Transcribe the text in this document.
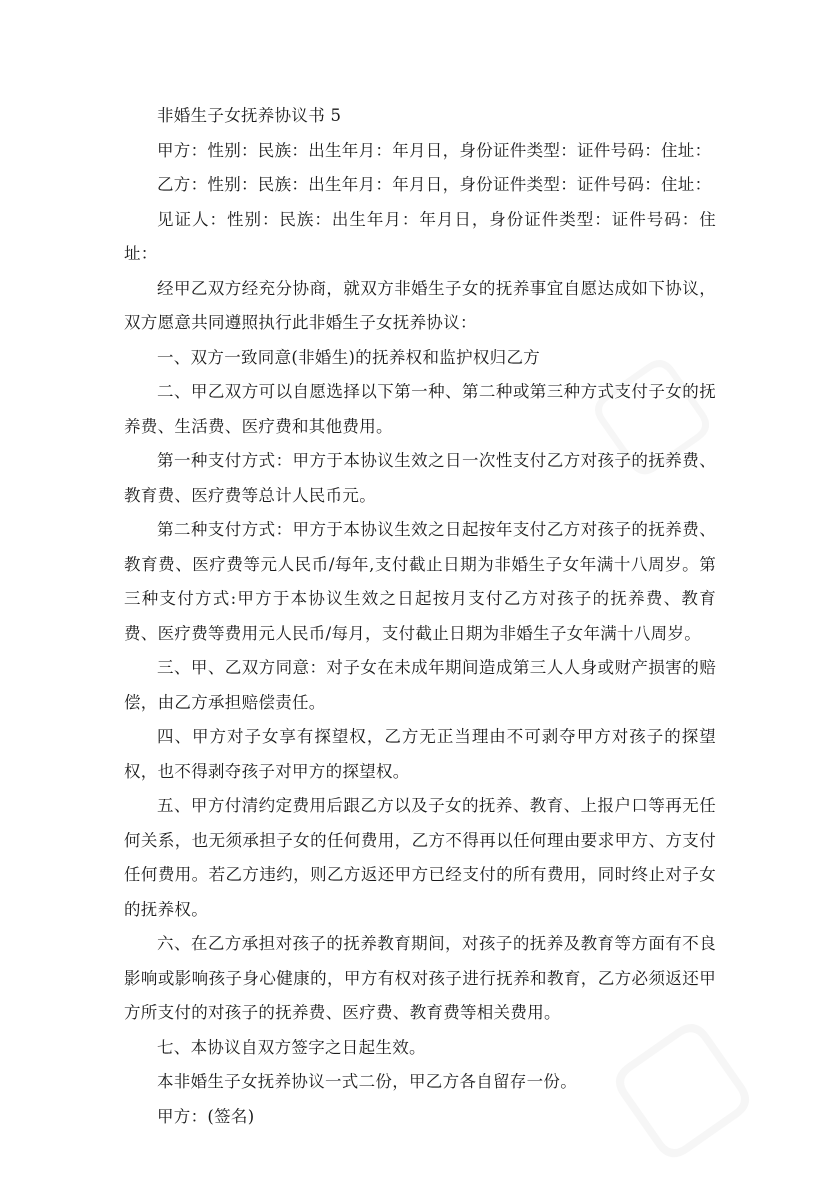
▢
▢

非婚生子女抚养协议书 5

甲方：性别：民族：出生年月：年月日，身份证件类型：证件号码：住址：

乙方：性别：民族：出生年月：年月日，身份证件类型：证件号码：住址：

见证人：性别：民族：出生年月：年月日，身份证件类型：证件号码：住址：

经甲乙双方经充分协商，就双方非婚生子女的抚养事宜自愿达成如下协议，双方愿意共同遵照执行此非婚生子女抚养协议：

一、双方一致同意(非婚生)的抚养权和监护权归乙方

二、甲乙双方可以自愿选择以下第一种、第二种或第三种方式支付子女的抚养费、生活费、医疗费和其他费用。

第一种支付方式：甲方于本协议生效之日一次性支付乙方对孩子的抚养费、教育费、医疗费等总计人民币元。

第二种支付方式：甲方于本协议生效之日起按年支付乙方对孩子的抚养费、教育费、医疗费等元人民币/每年,支付截止日期为非婚生子女年满十八周岁。第三种支付方式:甲方于本协议生效之日起按月支付乙方对孩子的抚养费、教育费、医疗费等费用元人民币/每月，支付截止日期为非婚生子女年满十八周岁。

三、甲、乙双方同意：对子女在未成年期间造成第三人人身或财产损害的赔偿，由乙方承担赔偿责任。

四、甲方对子女享有探望权，乙方无正当理由不可剥夺甲方对孩子的探望权，也不得剥夺孩子对甲方的探望权。

五、甲方付清约定费用后跟乙方以及子女的抚养、教育、上报户口等再无任何关系，也无须承担子女的任何费用，乙方不得再以任何理由要求甲方、方支付任何费用。若乙方违约，则乙方返还甲方已经支付的所有费用，同时终止对子女的抚养权。

六、在乙方承担对孩子的抚养教育期间，对孩子的抚养及教育等方面有不良影响或影响孩子身心健康的，甲方有权对孩子进行抚养和教育，乙方必须返还甲方所支付的对孩子的抚养费、医疗费、教育费等相关费用。

七、本协议自双方签字之日起生效。

本非婚生子女抚养协议一式二份，甲乙方各自留存一份。

甲方：(签名)
